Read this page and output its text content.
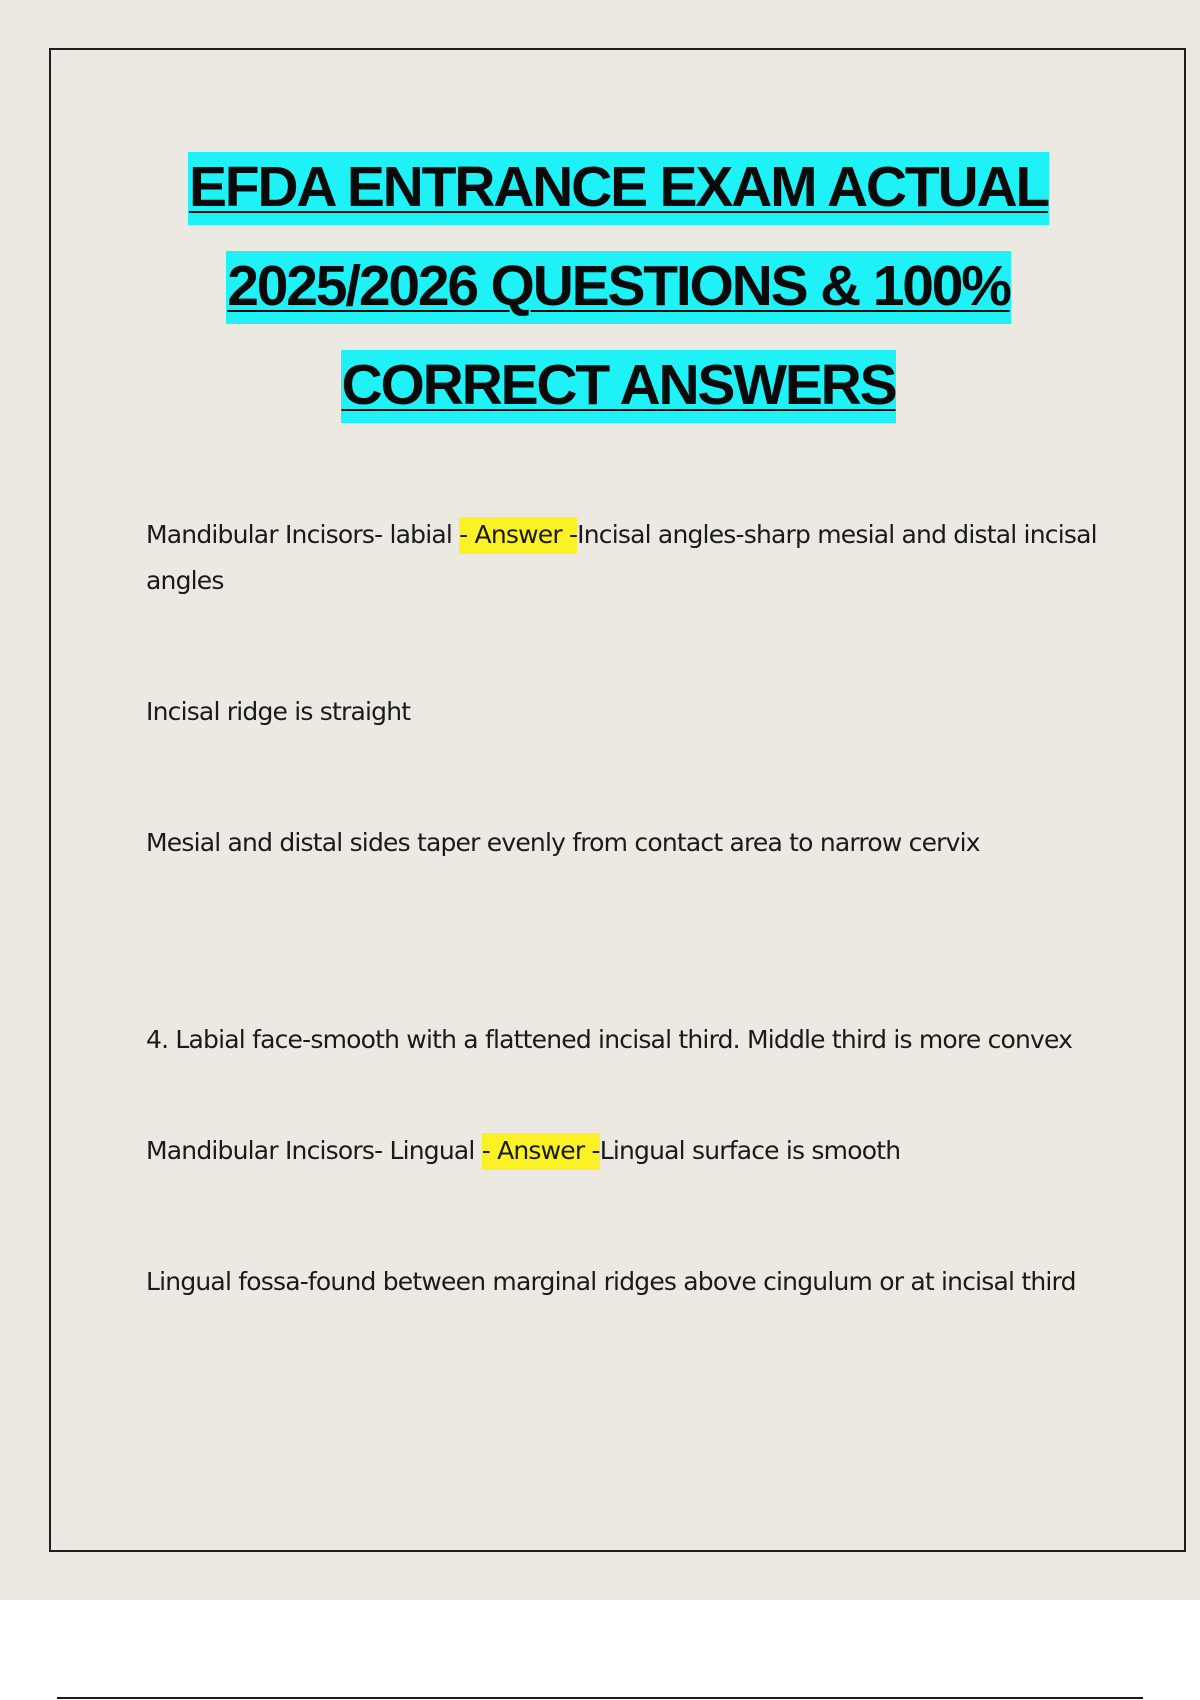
EFDA ENTRANCE EXAM ACTUAL
2025/2026 QUESTIONS & 100%
CORRECT ANSWERS

Mandibular Incisors- labial - Answer -Incisal angles-sharp mesial and distal incisal angles

Incisal ridge is straight

Mesial and distal sides taper evenly from contact area to narrow cervix

4. Labial face-smooth with a flattened incisal third. Middle third is more convex

Mandibular Incisors- Lingual - Answer -Lingual surface is smooth

Lingual fossa-found between marginal ridges above cingulum or at incisal third
